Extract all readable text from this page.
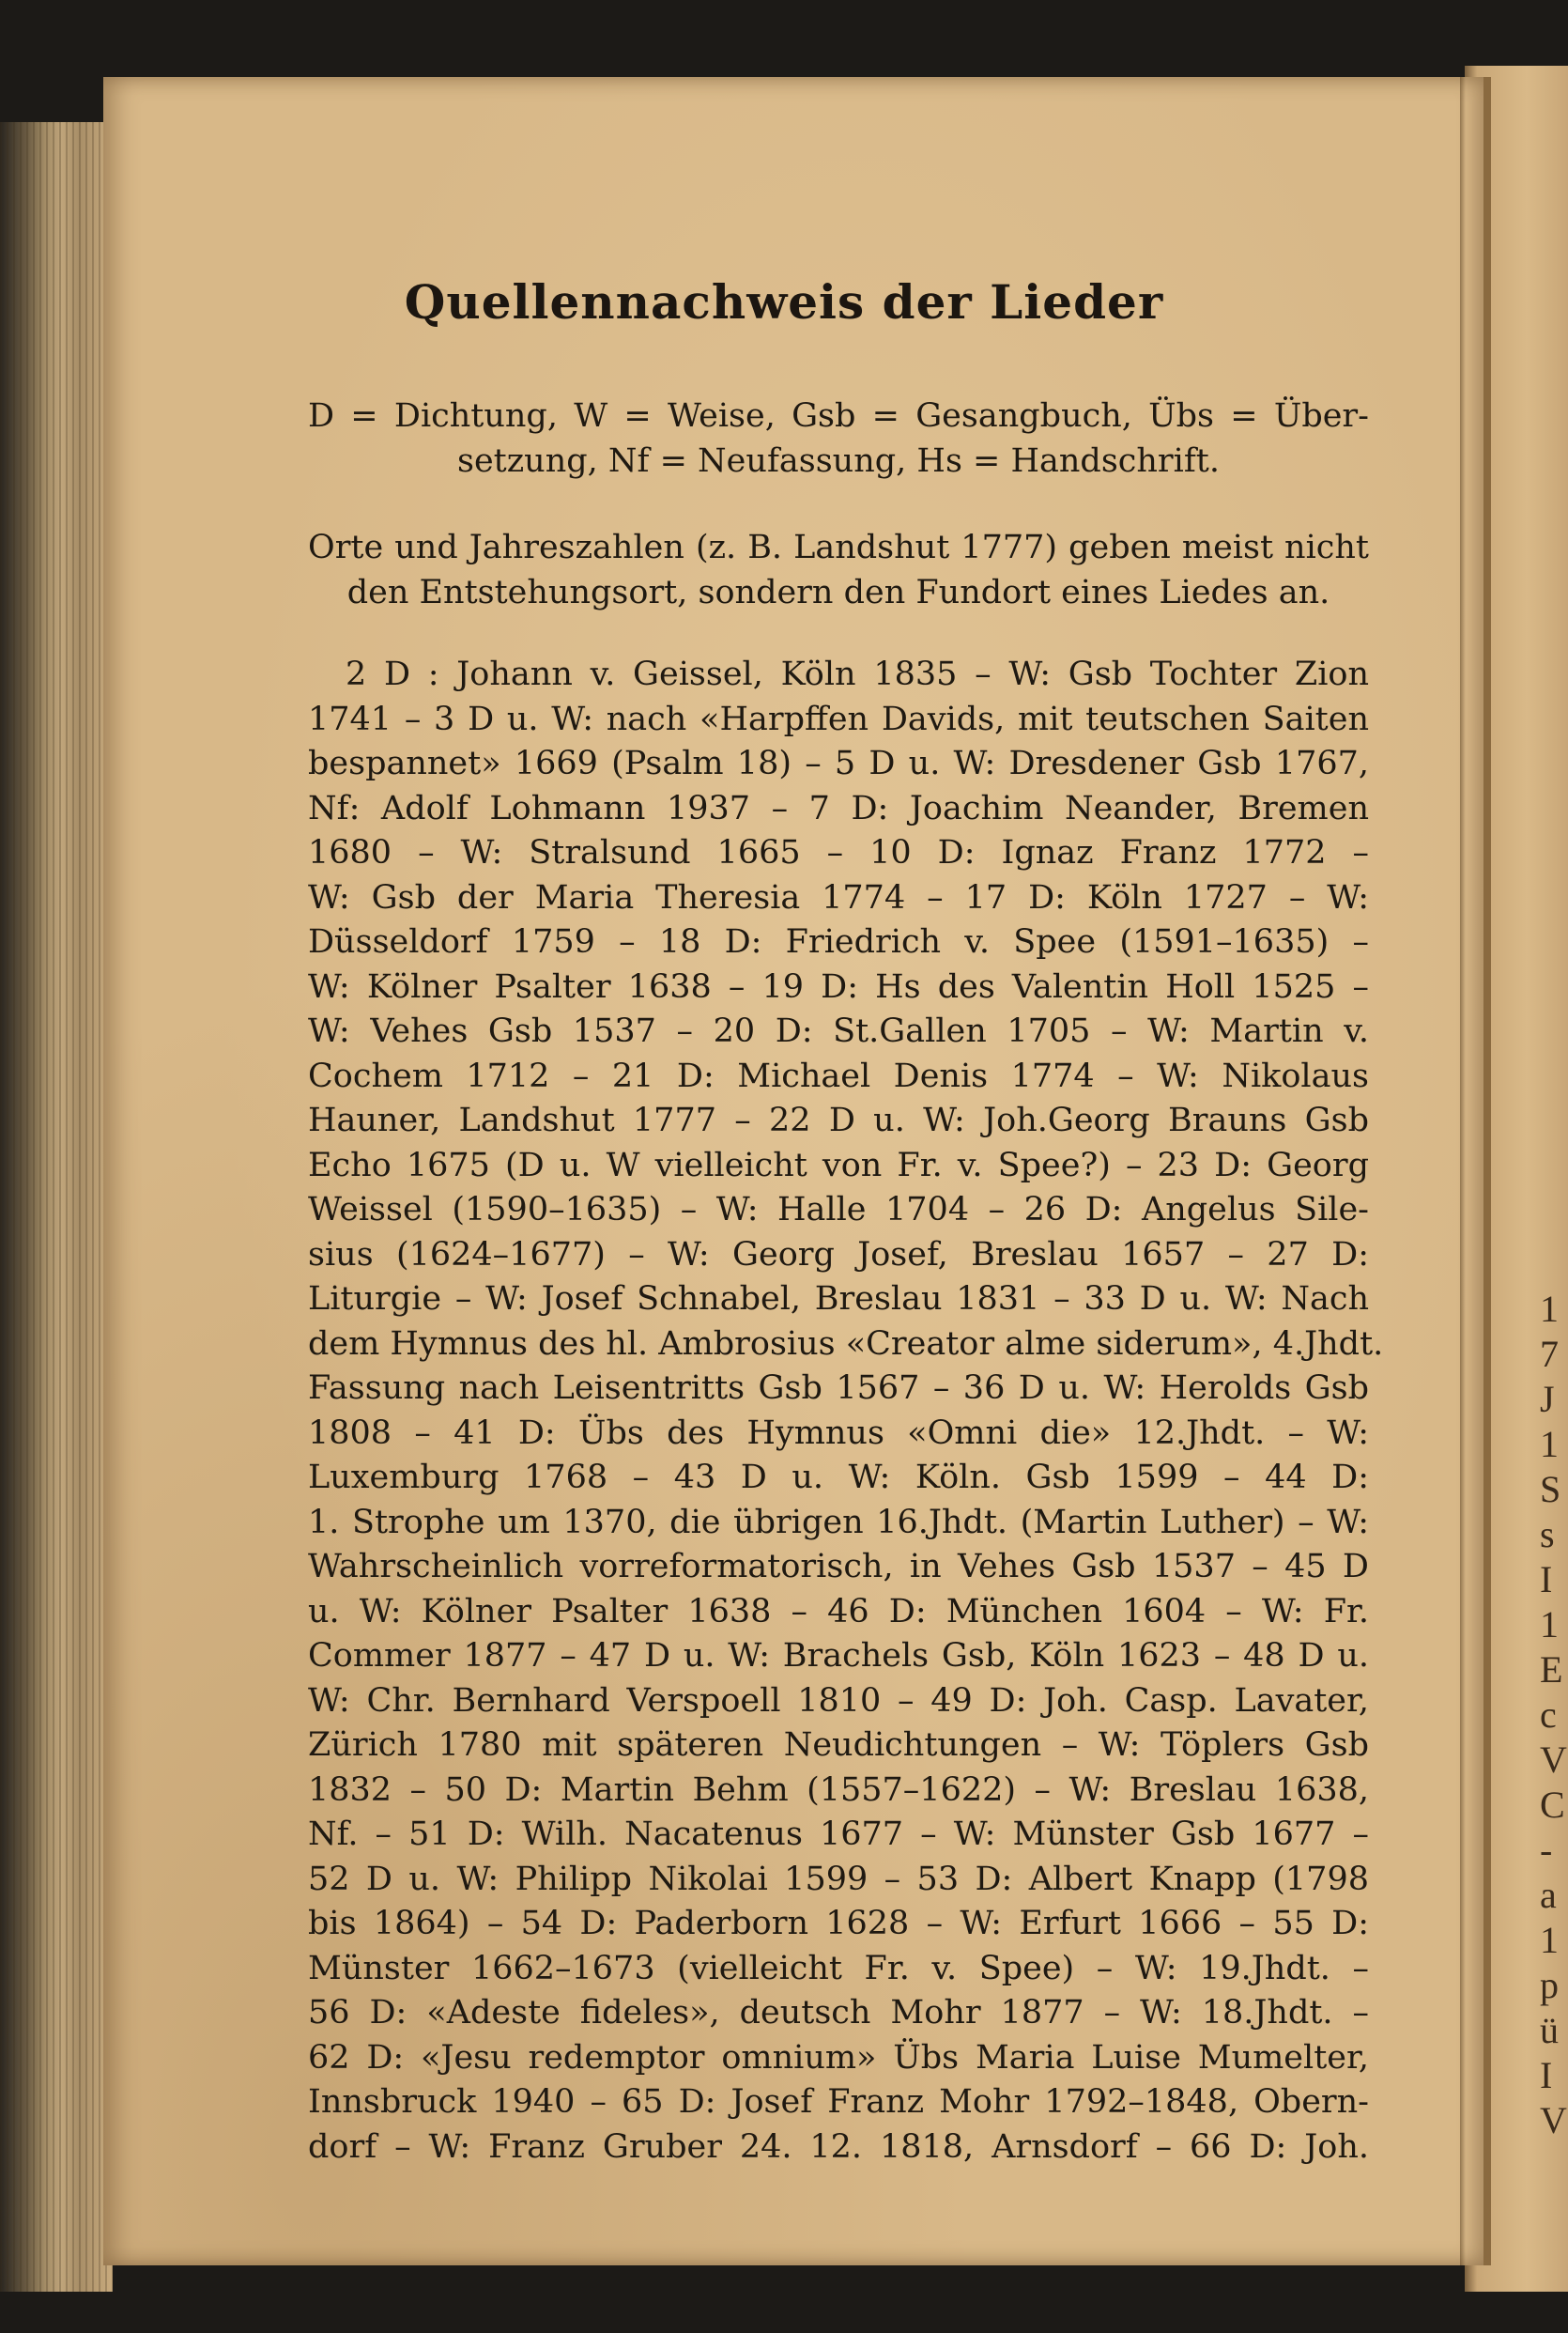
1
7
J
1
S
s
I
1
E
c
V
C
-
a
1
p
ü
I
V
Quellennachweis der Lieder
D = Dichtung, W = Weise, Gsb = Gesangbuch, Übs = Über-
setzung, Nf = Neufassung, Hs = Handschrift.
Orte und Jahreszahlen (z. B. Landshut 1777) geben meist nicht
den Entstehungsort, sondern den Fundort eines Liedes an.
2 D : Johann v. Geissel, Köln 1835 – W: Gsb Tochter Zion
1741 – 3 D u. W: nach «Harpffen Davids, mit teutschen Saiten
bespannet» 1669 (Psalm 18) – 5 D u. W: Dresdener Gsb 1767,
Nf: Adolf Lohmann 1937 – 7 D: Joachim Neander, Bremen
1680 – W: Stralsund 1665 – 10 D: Ignaz Franz 1772 –
W: Gsb der Maria Theresia 1774 – 17 D: Köln 1727 – W:
Düsseldorf 1759 – 18 D: Friedrich v. Spee (1591–1635) –
W: Kölner Psalter 1638 – 19 D: Hs des Valentin Holl 1525 –
W: Vehes Gsb 1537 – 20 D: St.Gallen 1705 – W: Martin v.
Cochem 1712 – 21 D: Michael Denis 1774 – W: Nikolaus
Hauner, Landshut 1777 – 22 D u. W: Joh.Georg Brauns Gsb
Echo 1675 (D u. W vielleicht von Fr. v. Spee?) – 23 D: Georg
Weissel (1590–1635) – W: Halle 1704 – 26 D: Angelus Sile-
sius (1624–1677) – W: Georg Josef, Breslau 1657 – 27 D:
Liturgie – W: Josef Schnabel, Breslau 1831 – 33 D u. W: Nach
dem Hymnus des hl. Ambrosius «Creator alme siderum», 4.Jhdt.
Fassung nach Leisentritts Gsb 1567 – 36 D u. W: Herolds Gsb
1808 – 41 D: Übs des Hymnus «Omni die» 12.Jhdt. – W:
Luxemburg 1768 – 43 D u. W: Köln. Gsb 1599 – 44 D:
1. Strophe um 1370, die übrigen 16.Jhdt. (Martin Luther) – W:
Wahrscheinlich vorreformatorisch, in Vehes Gsb 1537 – 45 D
u. W: Kölner Psalter 1638 – 46 D: München 1604 – W: Fr.
Commer 1877 – 47 D u. W: Brachels Gsb, Köln 1623 – 48 D u.
W: Chr. Bernhard Verspoell 1810 – 49 D: Joh. Casp. Lavater,
Zürich 1780 mit späteren Neudichtungen – W: Töplers Gsb
1832 – 50 D: Martin Behm (1557–1622) – W: Breslau 1638,
Nf. – 51 D: Wilh. Nacatenus 1677 – W: Münster Gsb 1677 –
52 D u. W: Philipp Nikolai 1599 – 53 D: Albert Knapp (1798
bis 1864) – 54 D: Paderborn 1628 – W: Erfurt 1666 – 55 D:
Münster 1662–1673 (vielleicht Fr. v. Spee) – W: 19.Jhdt. –
56 D: «Adeste fideles», deutsch Mohr 1877 – W: 18.Jhdt. –
62 D: «Jesu redemptor omnium» Übs Maria Luise Mumelter,
Innsbruck 1940 – 65 D: Josef Franz Mohr 1792–1848, Obern-
dorf – W: Franz Gruber 24. 12. 1818, Arnsdorf – 66 D: Joh.
